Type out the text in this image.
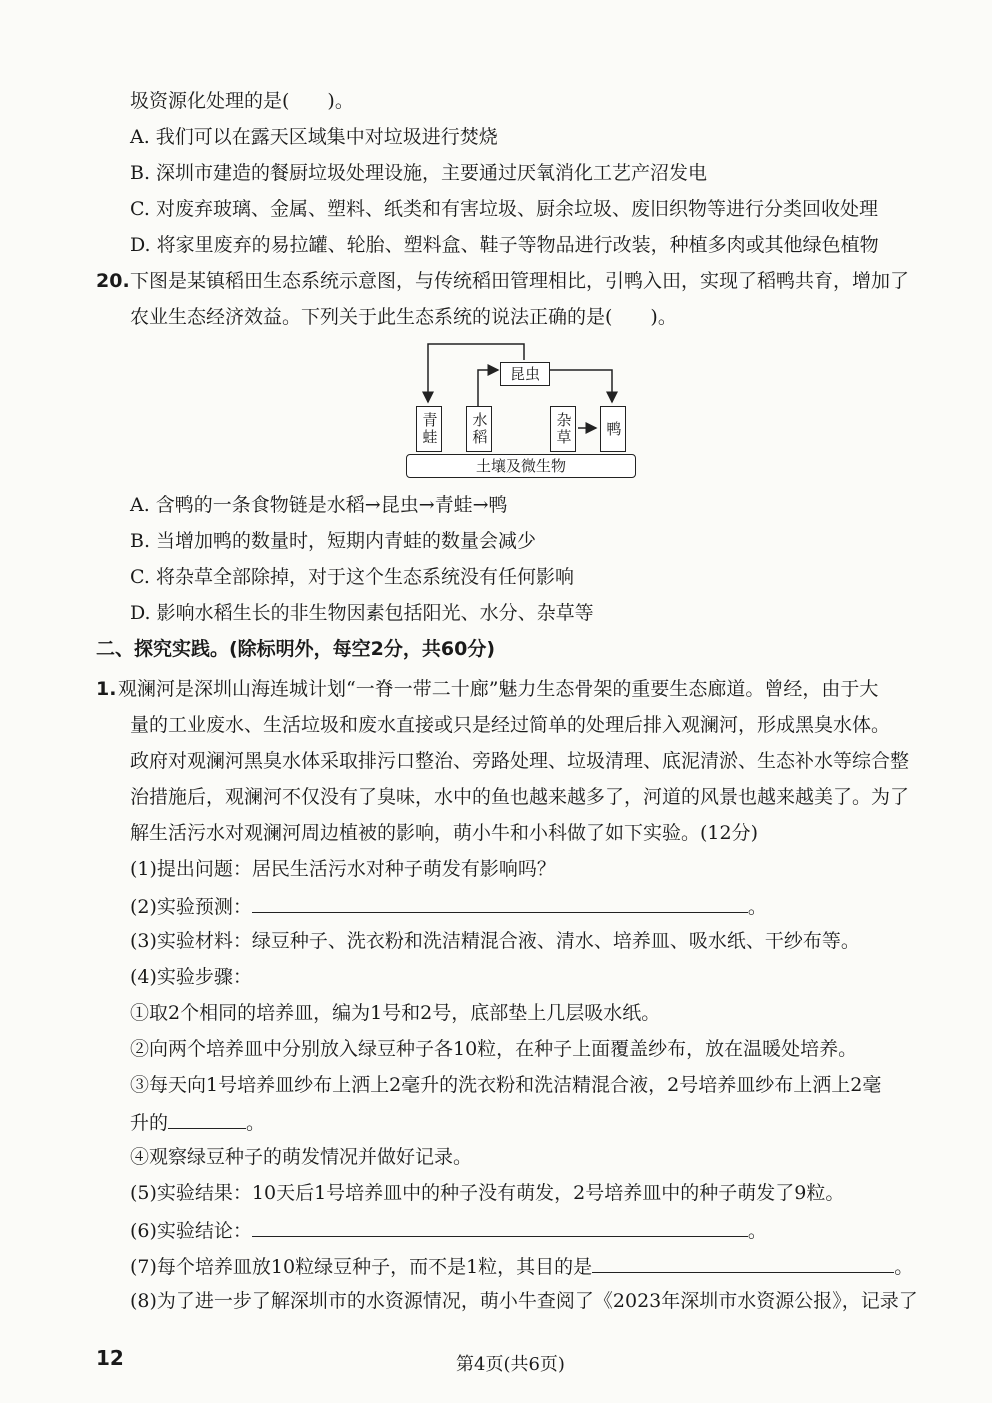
圾资源化处理的是(　　)。
A. 我们可以在露天区域集中对垃圾进行焚烧
B. 深圳市建造的餐厨垃圾处理设施，主要通过厌氧消化工艺产沼发电
C. 对废弃玻璃、金属、塑料、纸类和有害垃圾、厨余垃圾、废旧织物等进行分类回收处理
D. 将家里废弃的易拉罐、轮胎、塑料盒、鞋子等物品进行改装，种植多肉或其他绿色植物
20. 下图是某镇稻田生态系统示意图，与传统稻田管理相比，引鸭入田，实现了稻鸭共育，增加了
农业生态经济效益。下列关于此生态系统的说法正确的是(　　)。
昆虫
青蛙	水稻	杂草	鸭
土壤及微生物
A. 含鸭的一条食物链是水稻→昆虫→青蛙→鸭
B. 当增加鸭的数量时，短期内青蛙的数量会减少
C. 将杂草全部除掉，对于这个生态系统没有任何影响
D. 影响水稻生长的非生物因素包括阳光、水分、杂草等
二、探究实践。(除标明外，每空2分，共60分)
1. 观澜河是深圳山海连城计划“一脊一带二十廊”魅力生态骨架的重要生态廊道。曾经，由于大
量的工业废水、生活垃圾和废水直接或只是经过简单的处理后排入观澜河，形成黑臭水体。
政府对观澜河黑臭水体采取排污口整治、旁路处理、垃圾清理、底泥清淤、生态补水等综合整
治措施后，观澜河不仅没有了臭味，水中的鱼也越来越多了，河道的风景也越来越美了。为了
解生活污水对观澜河周边植被的影响，萌小牛和小科做了如下实验。(12分)
(1)提出问题：居民生活污水对种子萌发有影响吗？
(2)实验预测：	。
(3)实验材料：绿豆种子、洗衣粉和洗洁精混合液、清水、培养皿、吸水纸、干纱布等。
(4)实验步骤：
①取2个相同的培养皿，编为1号和2号，底部垫上几层吸水纸。
②向两个培养皿中分别放入绿豆种子各10粒，在种子上面覆盖纱布，放在温暖处培养。
③每天向1号培养皿纱布上洒上2毫升的洗衣粉和洗洁精混合液，2号培养皿纱布上洒上2毫
升的	。
④观察绿豆种子的萌发情况并做好记录。
(5)实验结果：10天后1号培养皿中的种子没有萌发，2号培养皿中的种子萌发了9粒。
(6)实验结论：	。
(7)每个培养皿放10粒绿豆种子，而不是1粒，其目的是	。
(8)为了进一步了解深圳市的水资源情况，萌小牛查阅了《2023年深圳市水资源公报》，记录了
12	第4页(共6页)
